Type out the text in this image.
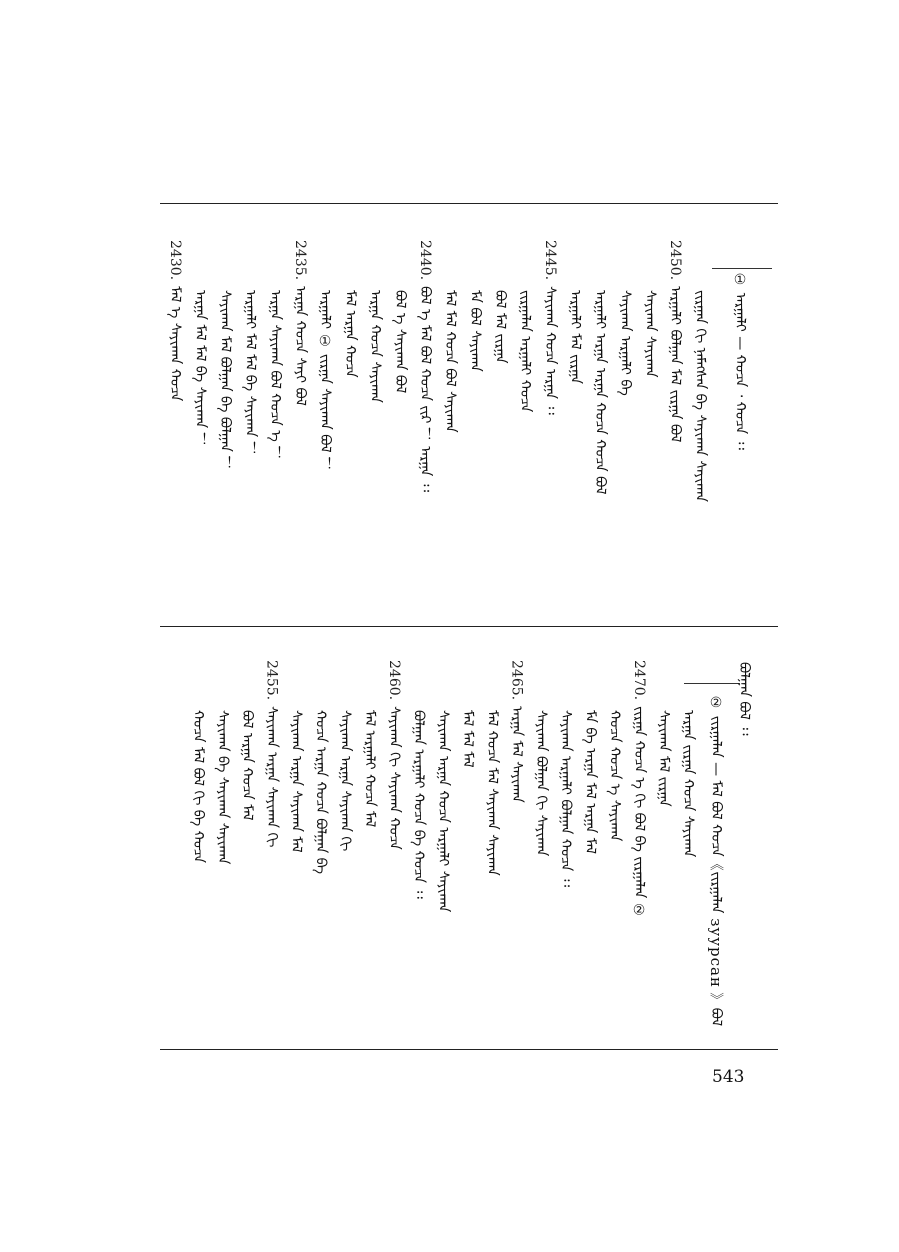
① ᠠᠷᠭᠠᠯᠢ — ᠬᠤᠴᠠ ᠂ ᠬᠤᠴᠠ ᠄᠄
ᠪᠣᠯᠭᠠᠨ ᠪᠣᠯ ᠄᠄
② ᠵᠢᠷᠭᠠᠯᠠᠨ — ᠮᠠᠯ ᠪᠣᠯ ᠬᠤᠴᠠ《ᠵᠢᠷᠭᠠᠯᠠᠨ зуурсан 》ᠪᠣᠯ
543
ᠵᠢᠷᠭᠠᠨ ᠬᠢ ᠨᠡᠮᠡᠭᠰᠡᠨ ᠪᠡ ᠰᠠᠶᠢᠬᠠᠨ ᠰᠠᠶᠢᠬᠠᠨ
2450.ᠠᠷᠭᠠᠯᠢ ᠪᠣᠯᠭᠠᠨ ᠮᠠᠯ ᠵᠢᠷᠭᠠ ᠪᠣᠯ
ᠰᠠᠶᠢᠬᠠᠨ ᠰᠠᠶᠢᠬᠠᠨ
ᠰᠠᠶᠢᠬᠠᠨ ᠠᠷᠭᠠᠯᠢ ᠪᠡ
ᠠᠷᠭᠠᠯᠢ ᠠᠷᠭᠠ ᠠᠷᠭᠠ ᠬᠤᠴᠠ ᠬᠤᠴᠠ ᠪᠣᠯ
ᠠᠷᠭᠠᠯᠢ ᠮᠠᠯ ᠵᠢᠷᠭᠠ
2445.ᠰᠠᠶᠢᠬᠠᠨ ᠬᠤᠴᠠ ᠠᠷᠭᠠ ᠄᠄
ᠵᠢᠷᠭᠠᠯᠠᠨ ᠠᠷᠭᠠᠯᠢ ᠬᠤᠴᠠ
ᠪᠣᠯ ᠮᠠᠯ ᠵᠢᠷᠭᠠ
ᠮᠠ ᠪᠣᠯ ᠰᠠᠶᠢᠬᠠᠨ
ᠮᠠᠯ ᠮᠠᠯ ᠬᠤᠴᠠ ᠪᠣᠯ ᠰᠠᠶᠢᠬᠠᠨ
2440.ᠪᠣᠯ ᠡ ᠮᠠᠯ ᠪᠣᠯ ᠬᠤᠴᠠ ᠵᠢᠷ ！ ᠠᠷᠭᠠ ᠄᠄
ᠪᠣᠯ ᠡ ᠰᠠᠶᠢᠬᠠᠨ ᠪᠣᠯ
ᠠᠷᠭᠠ ᠬᠤᠴᠠ ᠰᠠᠶᠢᠬᠠᠨ
ᠮᠠᠯ ᠠᠷᠭᠠ ᠬᠤᠴᠠ
ᠠᠷᠭᠠᠯᠢ ① ᠵᠢᠷᠭᠠ ᠰᠠᠶᠢᠬᠠᠨ ᠪᠣᠯ ！
2435.ᠠᠷᠭᠠ ᠬᠤᠴᠠ ᠰᠠᠶᠢ ᠪᠣᠯ
ᠠᠷᠭᠠ ᠰᠠᠶᠢᠬᠠᠨ ᠪᠣᠯ ᠬᠤᠴᠠ ᠡ ！
ᠠᠷᠭᠠᠯᠢ ᠮᠠᠯ ᠮᠠᠯ ᠪᠡ ᠰᠠᠶᠢᠬᠠᠨ ！
ᠰᠠᠶᠢᠬᠠᠨ ᠮᠠᠯ ᠪᠣᠯᠭᠠᠨ ᠪᠡ ᠪᠣᠯᠭᠠᠨ ！
ᠠᠷᠭᠠ ᠮᠠᠯ ᠮᠠᠯ ᠪᠡ ᠰᠠᠶᠢᠬᠠᠨ ！
2430.ᠮᠠᠯ ᠡ ᠰᠠᠶᠢᠬᠠᠨ ᠬᠤᠴᠠ
ᠠᠷᠭᠠ ᠵᠢᠷᠭᠠ ᠬᠤᠴᠠ ᠰᠠᠶᠢᠬᠠᠨ
ᠰᠠᠶᠢᠬᠠᠨ ᠮᠠᠯ ᠵᠢᠷᠭᠠ
2470.ᠵᠢᠷᠭᠠ ᠬᠤᠴᠠ ᠡ ᠬᠢ ᠪᠣᠯ ᠪᠡ ᠵᠢᠷᠭᠠᠯᠠᠨ ②
ᠬᠤᠴᠠ ᠬᠤᠴᠠ ᠡ ᠰᠠᠶᠢᠬᠠᠨ
ᠮᠠ ᠪᠡ ᠠᠷᠭᠠ ᠮᠠᠯ ᠠᠷᠭᠠ ᠮᠠᠯ
ᠰᠠᠶᠢᠬᠠᠨ ᠠᠷᠭᠠᠯᠢ ᠪᠣᠯᠭᠠᠨ ᠬᠤᠴᠠ ᠄᠄
ᠰᠠᠶᠢᠬᠠᠨ ᠪᠣᠯᠭᠠᠨ ᠬᠢ ᠰᠠᠶᠢᠬᠠᠨ
2465.ᠠᠷᠭᠠ ᠮᠠᠯ ᠰᠠᠶᠢᠬᠠᠨ
ᠮᠠᠯ ᠬᠤᠴᠠ ᠮᠠᠯ ᠰᠠᠶᠢᠬᠠᠨ ᠰᠠᠶᠢᠬᠠᠨ
ᠮᠠᠯ ᠮᠠᠯ ᠮᠠᠯ
ᠰᠠᠶᠢᠬᠠᠨ ᠠᠷᠭᠠ ᠬᠤᠴᠠ ᠠᠷᠭᠠᠯᠢ ᠰᠠᠶᠢᠬᠠᠨ
ᠪᠣᠯᠭᠠᠨ ᠠᠷᠭᠠᠯᠢ ᠬᠤᠴᠠ ᠪᠡ ᠬᠤᠴᠠ ᠄᠄
2460.ᠰᠠᠶᠢᠬᠠᠨ ᠬᠢ ᠰᠠᠶᠢᠬᠠᠨ ᠬᠤᠴᠠ
ᠮᠠᠯ ᠠᠷᠭᠠᠯᠢ ᠬᠤᠴᠠ ᠮᠠᠯ
ᠰᠠᠶᠢᠬᠠᠨ ᠠᠷᠭᠠ ᠰᠠᠶᠢᠬᠠᠨ ᠬᠢ
ᠬᠤᠴᠠ ᠠᠷᠭᠠ ᠬᠤᠴᠠ ᠪᠣᠯᠭᠠᠨ ᠪᠡ
ᠰᠠᠶᠢᠬᠠᠨ ᠠᠷᠭᠠ ᠰᠠᠶᠢᠬᠠᠨ ᠮᠠᠯ
2455.ᠰᠠᠶᠢᠬᠠᠨ ᠠᠷᠭᠠ ᠰᠠᠶᠢᠬᠠᠨ ᠬᠢ
ᠪᠣᠯ ᠠᠷᠭᠠ ᠬᠤᠴᠠ ᠮᠠᠯ
ᠰᠠᠶᠢᠬᠠᠨ ᠪᠡ ᠰᠠᠶᠢᠬᠠᠨ ᠰᠠᠶᠢᠬᠠᠨ
ᠬᠤᠴᠠ ᠮᠠᠯ ᠪᠣᠯ ᠬᠢ ᠪᠡ ᠬᠤᠴᠠ
